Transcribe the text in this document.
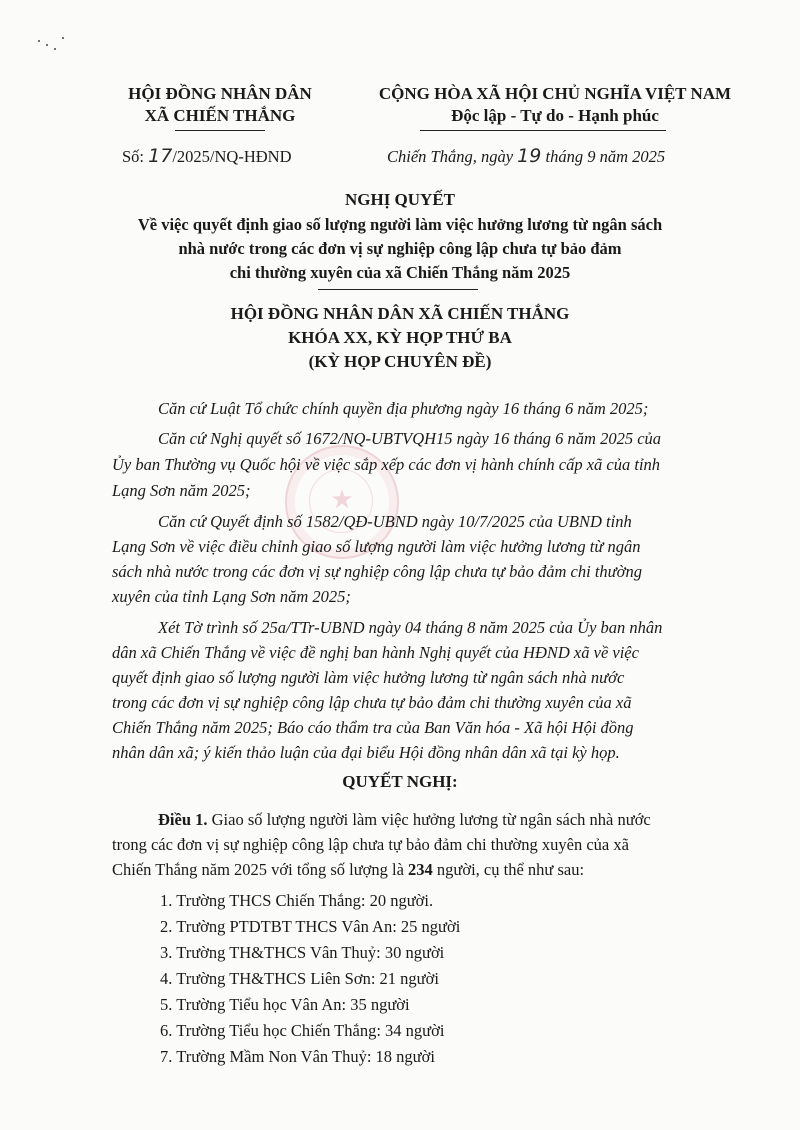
★
HỘI ĐỒNG NHÂN DÂN
XÃ CHIẾN THẮNG
CỘNG HÒA XÃ HỘI CHỦ NGHĨA VIỆT NAM
Độc lập - Tự do - Hạnh phúc
Số: 17/2025/NQ-HĐND	Chiến Thắng, ngày 19 tháng 9 năm 2025
NGHỊ QUYẾT
Về việc quyết định giao số lượng người làm việc hưởng lương từ ngân sách
nhà nước trong các đơn vị sự nghiệp công lập chưa tự bảo đảm
chi thường xuyên của xã Chiến Thắng năm 2025
HỘI ĐỒNG NHÂN DÂN XÃ CHIẾN THẮNG
KHÓA XX, KỲ HỌP THỨ BA
(KỲ HỌP CHUYÊN ĐỀ)
Căn cứ Luật Tổ chức chính quyền địa phương ngày 16 tháng 6 năm 2025;
Căn cứ Nghị quyết số 1672/NQ-UBTVQH15 ngày 16 tháng 6 năm 2025 của
Ủy ban Thường vụ Quốc hội về việc sắp xếp các đơn vị hành chính cấp xã của tỉnh
Lạng Sơn năm 2025;
Căn cứ Quyết định số 1582/QĐ-UBND ngày 10/7/2025 của UBND tỉnh
Lạng Sơn về việc điều chỉnh giao số lượng người làm việc hưởng lương từ ngân
sách nhà nước trong các đơn vị sự nghiệp công lập chưa tự bảo đảm chi thường
xuyên của tỉnh Lạng Sơn năm 2025;
Xét Tờ trình số 25a/TTr-UBND ngày 04 tháng 8 năm 2025 của Ủy ban nhân
dân xã Chiến Thắng về việc đề nghị ban hành Nghị quyết của HĐND xã về việc
quyết định giao số lượng người làm việc hưởng lương từ ngân sách nhà nước
trong các đơn vị sự nghiệp công lập chưa tự bảo đảm chi thường xuyên của xã
Chiến Thắng năm 2025; Báo cáo thẩm tra của Ban Văn hóa - Xã hội Hội đồng
nhân dân xã; ý kiến thảo luận của đại biểu Hội đồng nhân dân xã tại kỳ họp.
QUYẾT NGHỊ:
Điều 1. Giao số lượng người làm việc hưởng lương từ ngân sách nhà nước
trong các đơn vị sự nghiệp công lập chưa tự bảo đảm chi thường xuyên của xã
Chiến Thắng năm 2025 với tổng số lượng là 234 người, cụ thể như sau:
1. Trường THCS Chiến Thắng: 20 người.
2. Trường PTDTBT THCS Vân An: 25 người
3. Trường TH&THCS Vân Thuỷ: 30 người
4. Trường TH&THCS Liên Sơn: 21 người
5. Trường Tiểu học Vân An: 35 người
6. Trường Tiểu học Chiến Thắng: 34 người
7. Trường Mầm Non Vân Thuỷ: 18 người
